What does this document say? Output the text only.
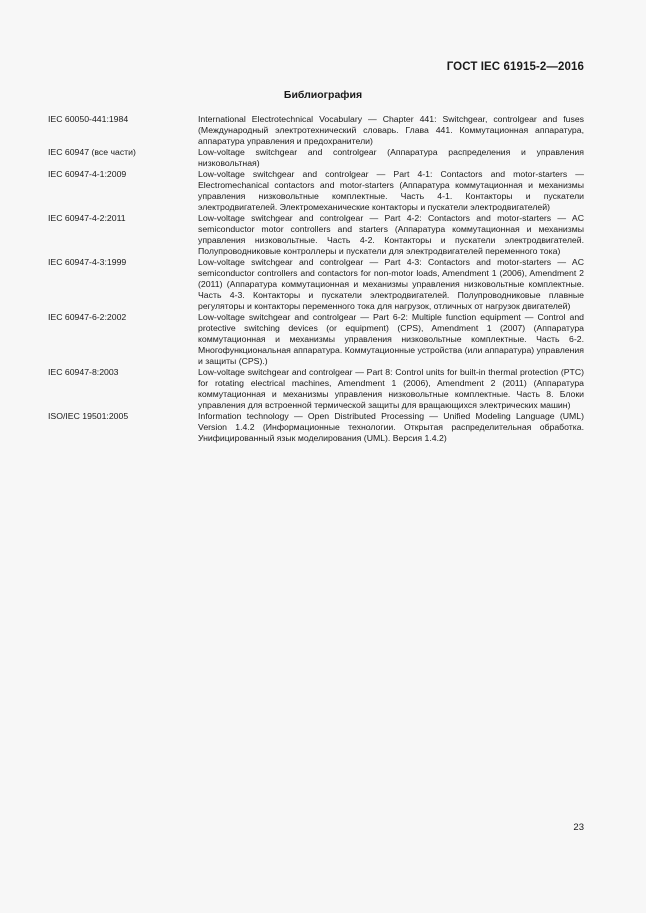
ГОСТ IEC 61915-2—2016
Библиография
IEC 60050-441:1984	International Electrotechnical Vocabulary — Chapter 441: Switchgear, controlgear and fuses (Международный электротехнический словарь. Глава 441. Коммутационная аппаратура, аппаратура управления и предохранители)
IEC 60947 (все части)	Low-voltage switchgear and controlgear (Аппаратура распределения и управления низковольтная)
IEC 60947-4-1:2009	Low-voltage switchgear and controlgear — Part 4-1: Contactors and motor-starters — Electromechanical contactors and motor-starters (Аппаратура коммутационная и механизмы управления низковольтные комплектные. Часть 4-1. Контакторы и пускатели электродвигателей. Электромеханические контакторы и пускатели электродвигателей)
IEC 60947-4-2:2011	Low-voltage switchgear and controlgear — Part 4-2: Contactors and motor-starters — AC semiconductor motor controllers and starters (Аппаратура коммутационная и механизмы управления низковольтные. Часть 4-2. Контакторы и пускатели электродвигателей. Полупроводниковые контроллеры и пускатели для электродвигателей переменного тока)
IEC 60947-4-3:1999	Low-voltage switchgear and controlgear — Part 4-3: Contactors and motor-starters — AC semiconductor controllers and contactors for non-motor loads, Amendment 1 (2006), Amendment 2 (2011) (Аппаратура коммутационная и механизмы управления низковольтные комплектные. Часть 4-3. Контакторы и пускатели электродвигателей. Полупроводниковые плавные регуляторы и контакторы переменного тока для нагрузок, отличных от нагрузок двигателей)
IEC 60947-6-2:2002	Low-voltage switchgear and controlgear — Part 6-2: Multiple function equipment — Control and protective switching devices (or equipment) (CPS), Amendment 1 (2007) (Аппаратура коммутационная и механизмы управления низковольтные комплектные. Часть 6-2. Многофункциональная аппаратура. Коммутационные устройства (или аппаратура) управления и защиты (CPS).)
IEC 60947-8:2003	Low-voltage switchgear and controlgear — Part 8: Control units for built-in thermal protection (PTC) for rotating electrical machines, Amendment 1 (2006), Amendment 2 (2011) (Аппаратура коммутационная и механизмы управления низковольтные комплектные. Часть 8. Блоки управления для встроенной термической защиты для вращающихся электрических машин)
ISO/IEC 19501:2005	Information technology — Open Distributed Processing — Unified Modeling Language (UML) Version 1.4.2 (Информационные технологии. Открытая распределительная обработка. Унифицированный язык моделирования (UML). Версия 1.4.2)
23
